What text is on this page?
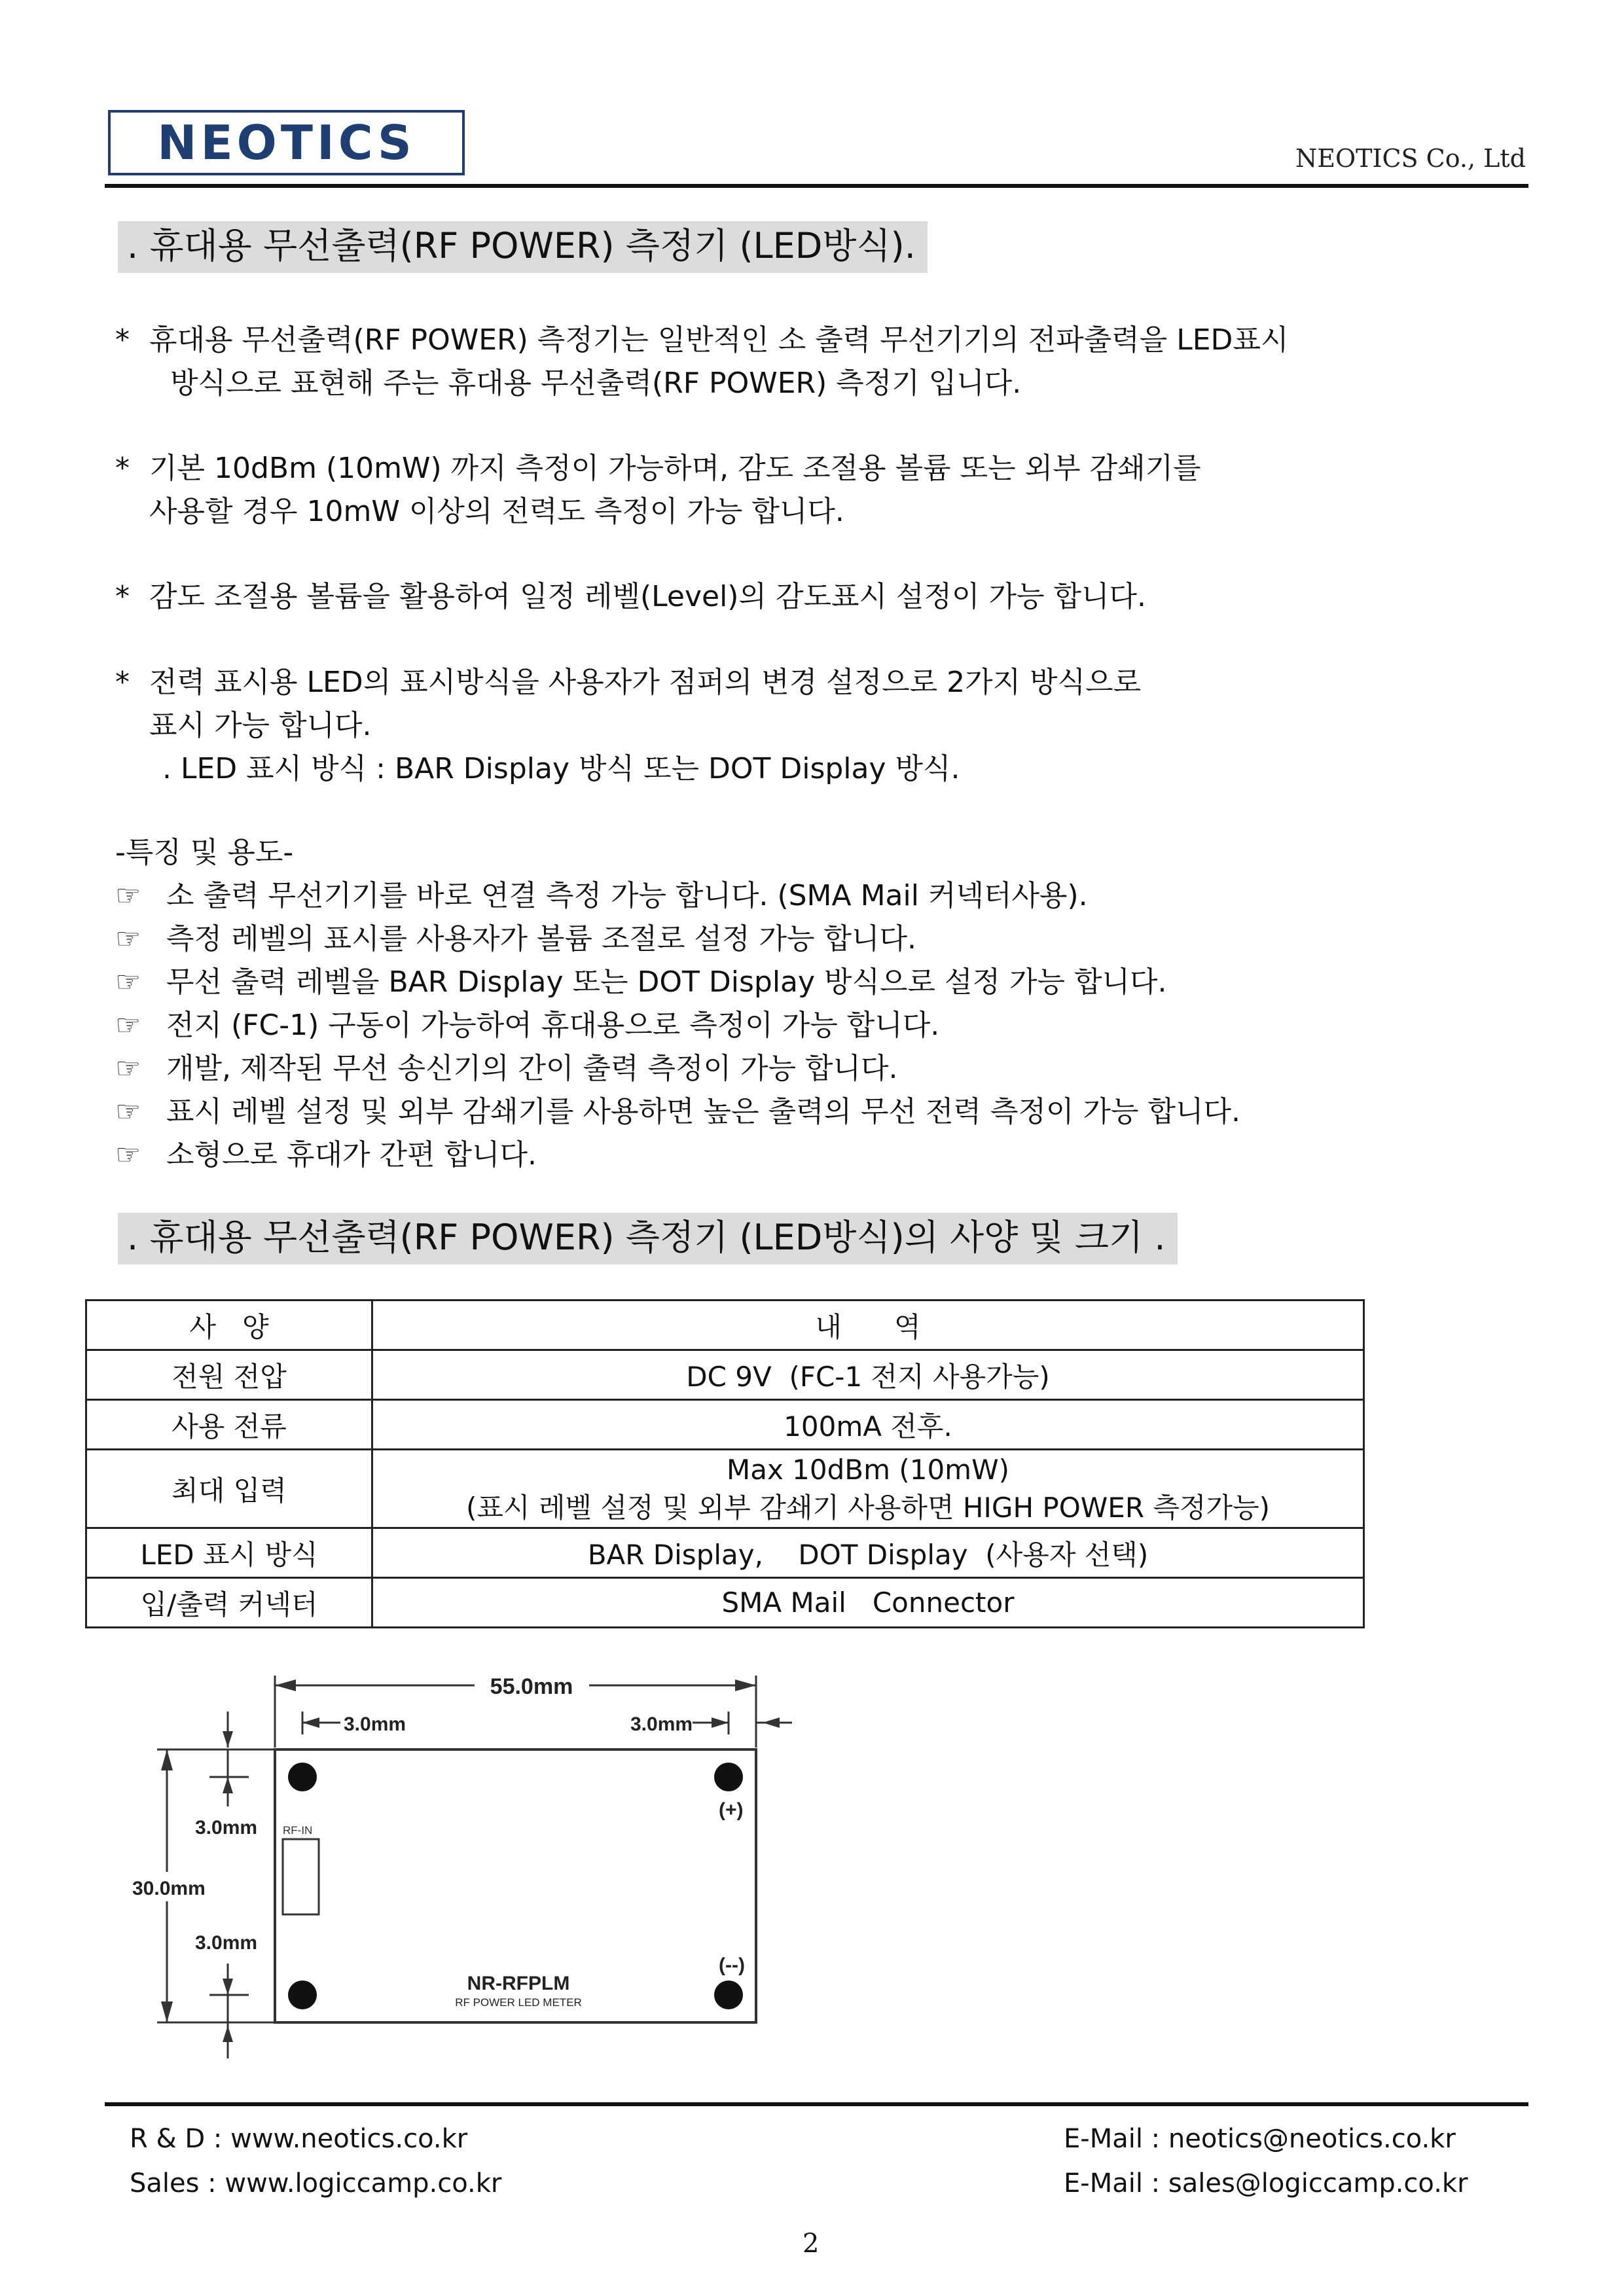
NEOTICS	NEOTICS Co., Ltd
. 휴대용 무선출력(RF POWER) 측정기 (LED방식).
* 휴대용 무선출력(RF POWER) 측정기는 일반적인 소 출력 무선기기의 전파출력을 LED표시
방식으로 표현해 주는 휴대용 무선출력(RF POWER) 측정기 입니다.
* 기본 10dBm (10mW) 까지 측정이 가능하며, 감도 조절용 볼륨 또는 외부 감쇄기를
사용할 경우 10mW 이상의 전력도 측정이 가능 합니다.
* 감도 조절용 볼륨을 활용하여 일정 레벨(Level)의 감도표시 설정이 가능 합니다.
* 전력 표시용 LED의 표시방식을 사용자가 점퍼의 변경 설정으로 2가지 방식으로
표시 가능 합니다.
. LED 표시 방식 : BAR Display 방식 또는 DOT Display 방식.
-특징 및 용도-
☞ 소 출력 무선기기를 바로 연결 측정 가능 합니다. (SMA Mail 커넥터사용).
☞ 측정 레벨의 표시를 사용자가 볼륨 조절로 설정 가능 합니다.
☞ 무선 출력 레벨을 BAR Display 또는 DOT Display 방식으로 설정 가능 합니다.
☞ 전지 (FC-1) 구동이 가능하여 휴대용으로 측정이 가능 합니다.
☞ 개발, 제작된 무선 송신기의 간이 출력 측정이 가능 합니다.
☞ 표시 레벨 설정 및 외부 감쇄기를 사용하면 높은 출력의 무선 전력 측정이 가능 합니다.
☞ 소형으로 휴대가 간편 합니다.
. 휴대용 무선출력(RF POWER) 측정기 (LED방식)의 사양 및 크기 .
사   양	내      역
전원 전압	DC 9V  (FC-1 전지 사용가능)
사용 전류	100mA 전후.
최대 입력	Max 10dBm (10mW)
(표시 레벨 설정 및 외부 감쇄기 사용하면 HIGH POWER 측정가능)

LED 표시 방식	BAR Display,    DOT Display  (사용자 선택)
입/출력 커넥터	SMA Mail   Connector
55.0mm
3.0mm	3.0mm
30.0mm
3.0mm
3.0mm
RF-IN
(+)
(--)
NR-RFPLM
RF POWER LED METER
R & D : www.neotics.co.kr
Sales : www.logiccamp.co.kr
E-Mail : neotics@neotics.co.kr
E-Mail : sales@logiccamp.co.kr
2
